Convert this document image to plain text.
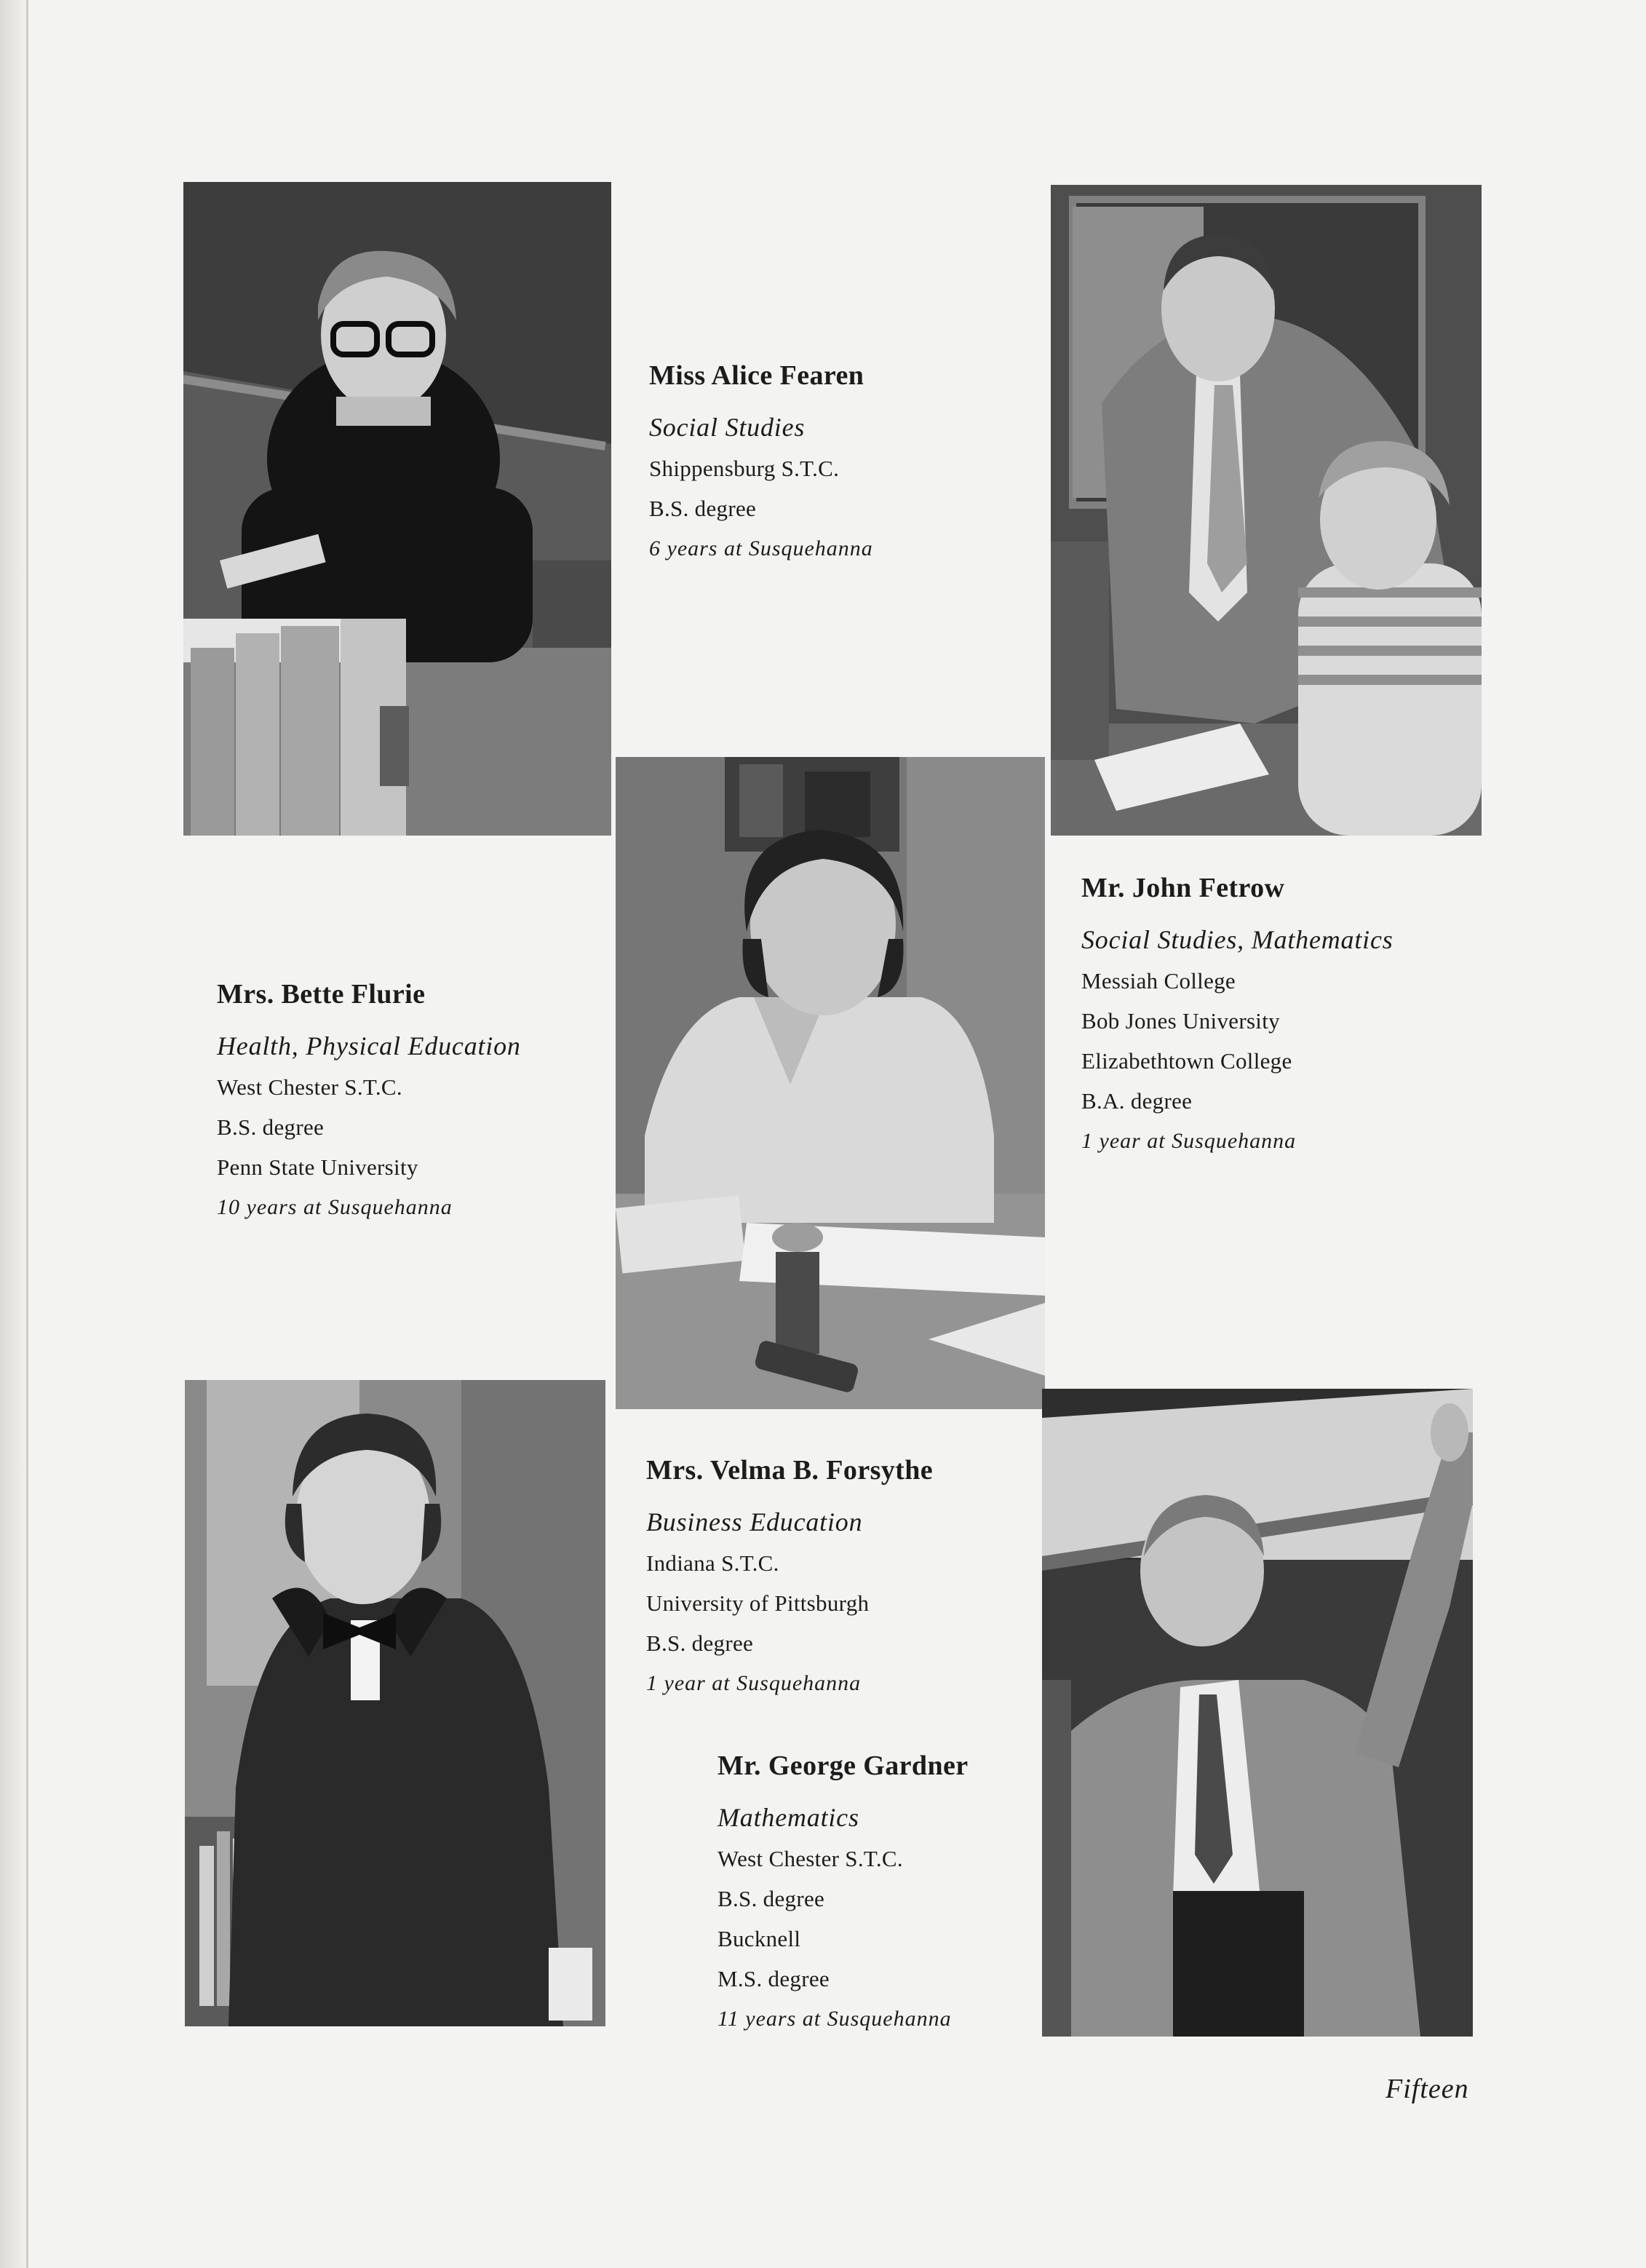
Miss Alice Fearen
Social Studies
Shippensburg S.T.C.
B.S. degree
6 years at Susquehanna
Mr. John Fetrow
Social Studies, Mathematics
Messiah College
Bob Jones University
Elizabethtown College
B.A. degree
1 year at Susquehanna
Mrs. Bette Flurie
Health, Physical Education
West Chester S.T.C.
B.S. degree
Penn State University
10 years at Susquehanna
Mrs. Velma B. Forsythe
Business Education
Indiana S.T.C.
University of Pittsburgh
B.S. degree
1 year at Susquehanna
Mr. George Gardner
Mathematics
West Chester S.T.C.
B.S. degree
Bucknell
M.S. degree
11 years at Susquehanna
Fifteen
